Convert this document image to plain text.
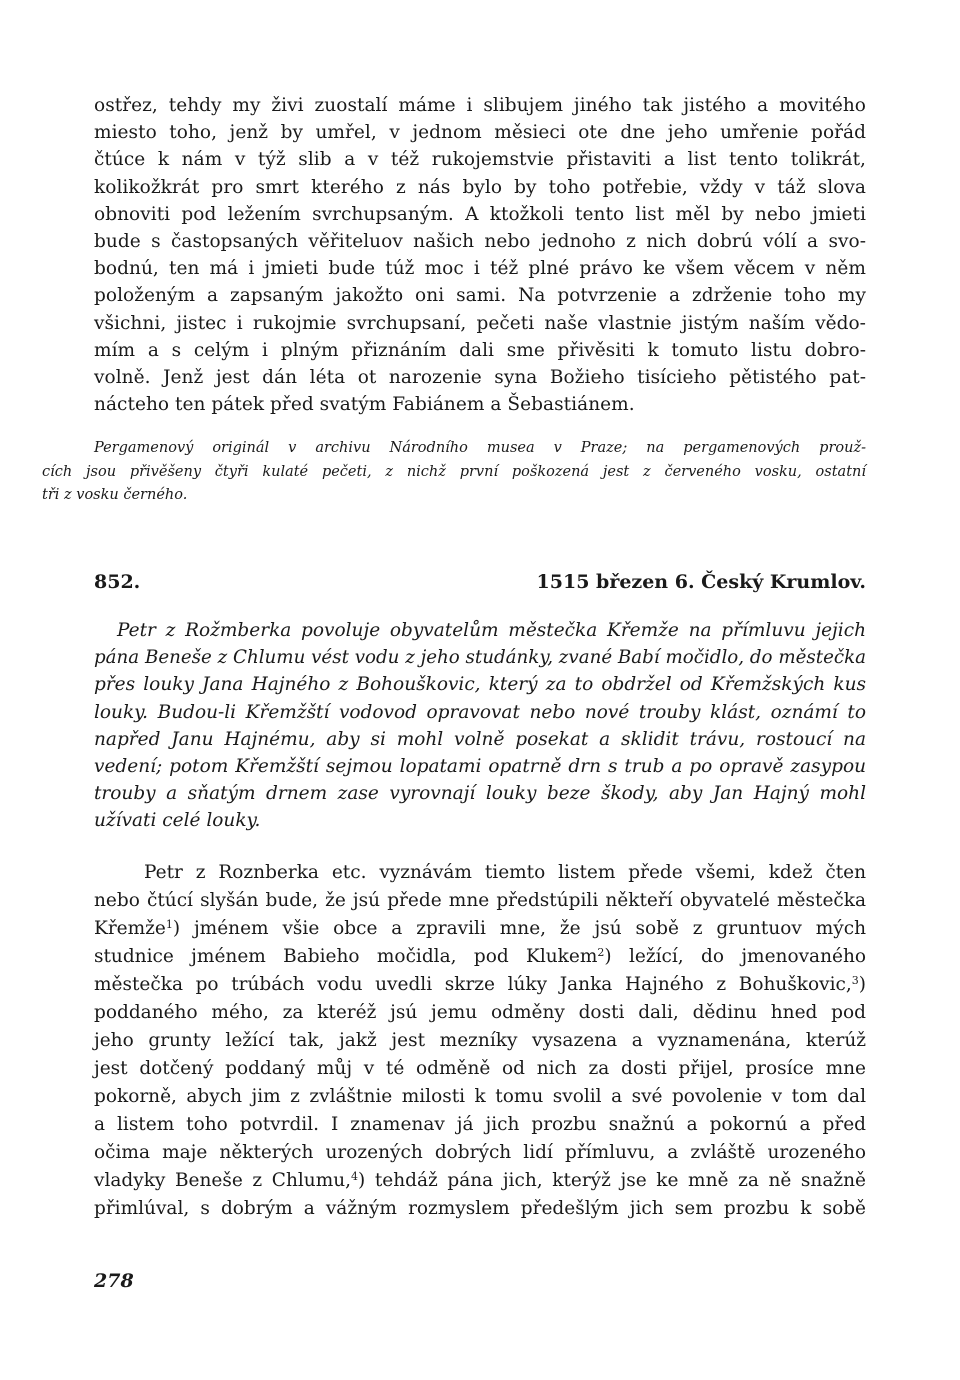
ostřez, tehdy my živi zuostalí máme i slibujem jiného tak jistého a movitého
miesto toho, jenž by umřel, v jednom měsieci ote dne jeho umřenie pořád
čtúce k nám v týž slib a v též rukojemstvie přistaviti a list tento tolikrát,
kolikožkrát pro smrt kterého z nás bylo by toho potřebie, vždy v táž slova
obnoviti pod ležením svrchupsaným. A ktožkoli tento list měl by nebo jmieti
bude s častopsaných věřiteluov našich nebo jednoho z nich dobrú vólí a svo-
bodnú, ten má i jmieti bude túž moc i též plné právo ke všem věcem v něm
položeným a zapsaným jakožto oni sami. Na potvrzenie a zdrženie toho my
všichni, jistec i rukojmie svrchupsaní, pečeti naše vlastnie jistým naším vědo-
mím a s celým i plným přiznáním dali sme přivěsiti k tomuto listu dobro-
volně. Jenž jest dán léta ot narozenie syna Božieho tisícieho pětistého pat-
nácteho ten pátek před svatým Fabiánem a Šebastiánem.
Pergamenový originál v archivu Národního musea v Praze; na pergamenových prouž-
cích jsou přivěšeny čtyři kulaté pečeti, z nichž první poškozená jest z červeného vosku, ostatní
tři z vosku černého.
852.	1515 březen 6. Český Krumlov.
Petr z Rožmberka povoluje obyvatelům městečka Křemže na přímluvu jejich
pána Beneše z Chlumu vést vodu z jeho studánky, zvané Babí močidlo, do městečka
přes louky Jana Hajného z Bohouškovic, který za to obdržel od Křemžských kus
louky. Budou-li Křemžští vodovod opravovat nebo nové trouby klást, oznámí to
napřed Janu Hajnému, aby si mohl volně posekat a sklidit trávu, rostoucí na
vedení; potom Křemžští sejmou lopatami opatrně drn s trub a po opravě zasypou
trouby a sňatým drnem zase vyrovnají louky beze škody, aby Jan Hajný mohl
užívati celé louky.
Petr z Roznberka etc. vyznávám tiemto listem přede všemi, kdež čten
nebo čtúcí slyšán bude, že jsú přede mne předstúpili někteří obyvatelé městečka
Křemže$^1$) jménem všie obce a zpravili mne, že jsú sobě z gruntuov mých
studnice jménem Babieho močidla, pod Klukem$^2$) ležící, do jmenovaného
městečka po trúbách vodu uvedli skrze lúky Janka Hajného z Bohuškovic,$^3$)
poddaného mého, za kteréž jsú jemu odměny dosti dali, dědinu hned pod
jeho grunty ležící tak, jakž jest mezníky vysazena a vyznamenána, kterúž
jest dotčený poddaný můj v té odměně od nich za dosti přijel, prosíce mne
pokorně, abych jim z zvláštnie milosti k tomu svolil a své povolenie v tom dal
a listem toho potvrdil. I znamenav já jich prozbu snažnú a pokornú a před
očima maje některých urozených dobrých lidí přímluvu, a zvláště urozeného
vladyky Beneše z Chlumu,$^4$) tehdáž pána jich, kterýž jse ke mně za ně snažně
přimlúval, s dobrým a vážným rozmyslem předešlým jich sem prozbu k sobě
278
